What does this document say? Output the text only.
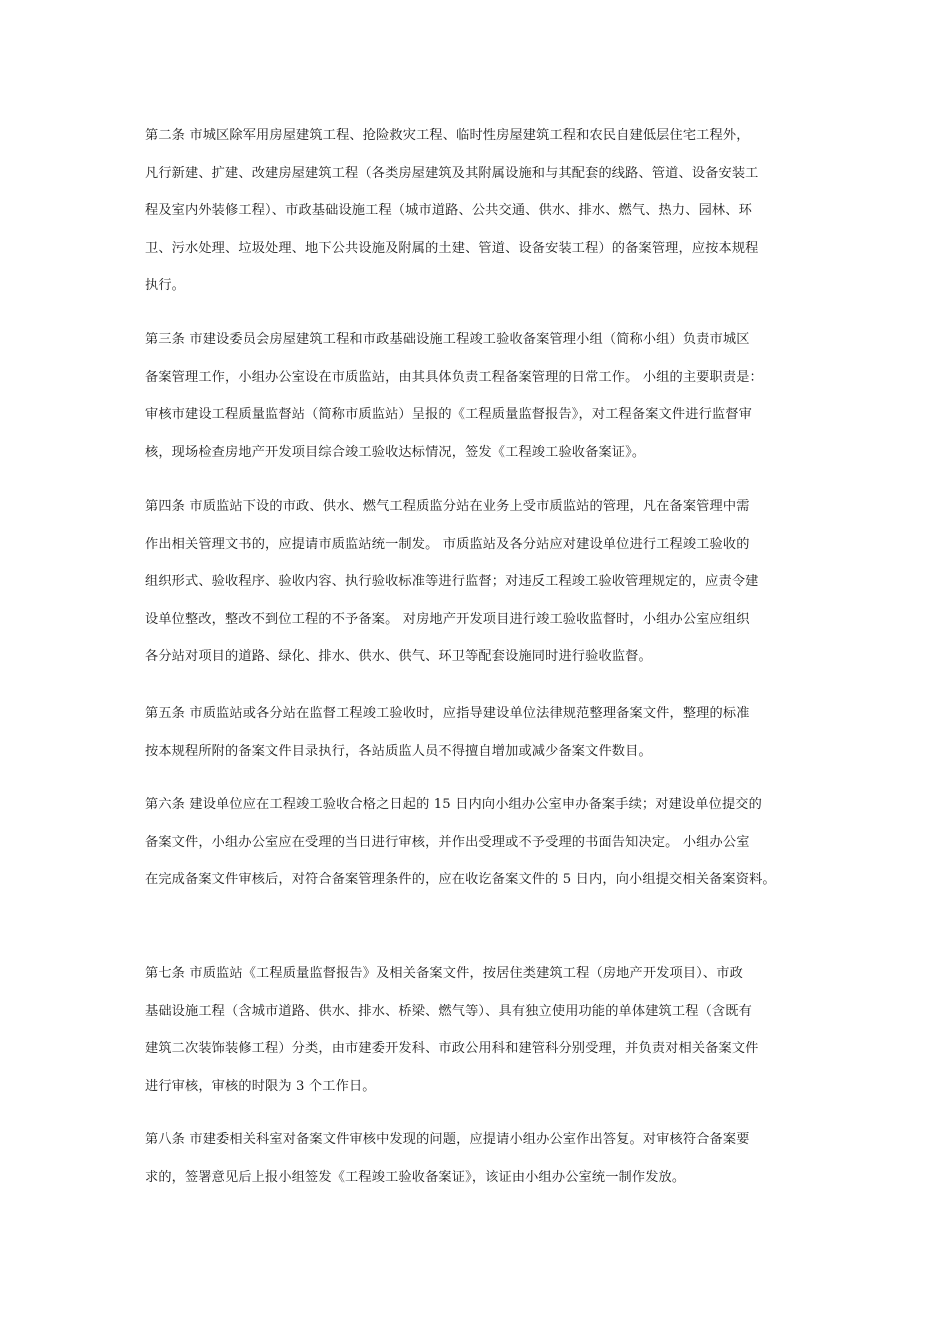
第二条 市城区除军用房屋建筑工程、抢险救灾工程、临时性房屋建筑工程和农民自建低层住宅工程外，
凡行新建、扩建、改建房屋建筑工程（各类房屋建筑及其附属设施和与其配套的线路、管道、设备安装工
程及室内外装修工程）、市政基础设施工程（城市道路、公共交通、供水、排水、燃气、热力、园林、环
卫、污水处理、垃圾处理、地下公共设施及附属的土建、管道、设备安装工程）的备案管理，应按本规程
执行。
第三条 市建设委员会房屋建筑工程和市政基础设施工程竣工验收备案管理小组（简称小组）负责市城区
备案管理工作，小组办公室设在市质监站，由其具体负责工程备案管理的日常工作。 小组的主要职责是：
审核市建设工程质量监督站（简称市质监站）呈报的《工程质量监督报告》，对工程备案文件进行监督审
核，现场检查房地产开发项目综合竣工验收达标情况，签发《工程竣工验收备案证》。
第四条 市质监站下设的市政、供水、燃气工程质监分站在业务上受市质监站的管理，凡在备案管理中需
作出相关管理文书的，应提请市质监站统一制发。 市质监站及各分站应对建设单位进行工程竣工验收的
组织形式、验收程序、验收内容、执行验收标准等进行监督；对违反工程竣工验收管理规定的，应责令建
设单位整改，整改不到位工程的不予备案。 对房地产开发项目进行竣工验收监督时，小组办公室应组织
各分站对项目的道路、绿化、排水、供水、供气、环卫等配套设施同时进行验收监督。
第五条 市质监站或各分站在监督工程竣工验收时，应指导建设单位法律规范整理备案文件，整理的标准
按本规程所附的备案文件目录执行，各站质监人员不得擅自增加或减少备案文件数目。
第六条 建设单位应在工程竣工验收合格之日起的 15 日内向小组办公室申办备案手续；对建设单位提交的
备案文件，小组办公室应在受理的当日进行审核，并作出受理或不予受理的书面告知决定。 小组办公室
在完成备案文件审核后，对符合备案管理条件的，应在收讫备案文件的 5 日内，向小组提交相关备案资料。
第七条 市质监站《工程质量监督报告》及相关备案文件，按居住类建筑工程（房地产开发项目）、市政
基础设施工程（含城市道路、供水、排水、桥梁、燃气等）、具有独立使用功能的单体建筑工程（含既有
建筑二次装饰装修工程）分类，由市建委开发科、市政公用科和建管科分别受理，并负责对相关备案文件
进行审核，审核的时限为 3 个工作日。
第八条 市建委相关科室对备案文件审核中发现的问题，应提请小组办公室作出答复。对审核符合备案要
求的，签署意见后上报小组签发《工程竣工验收备案证》，该证由小组办公室统一制作发放。
